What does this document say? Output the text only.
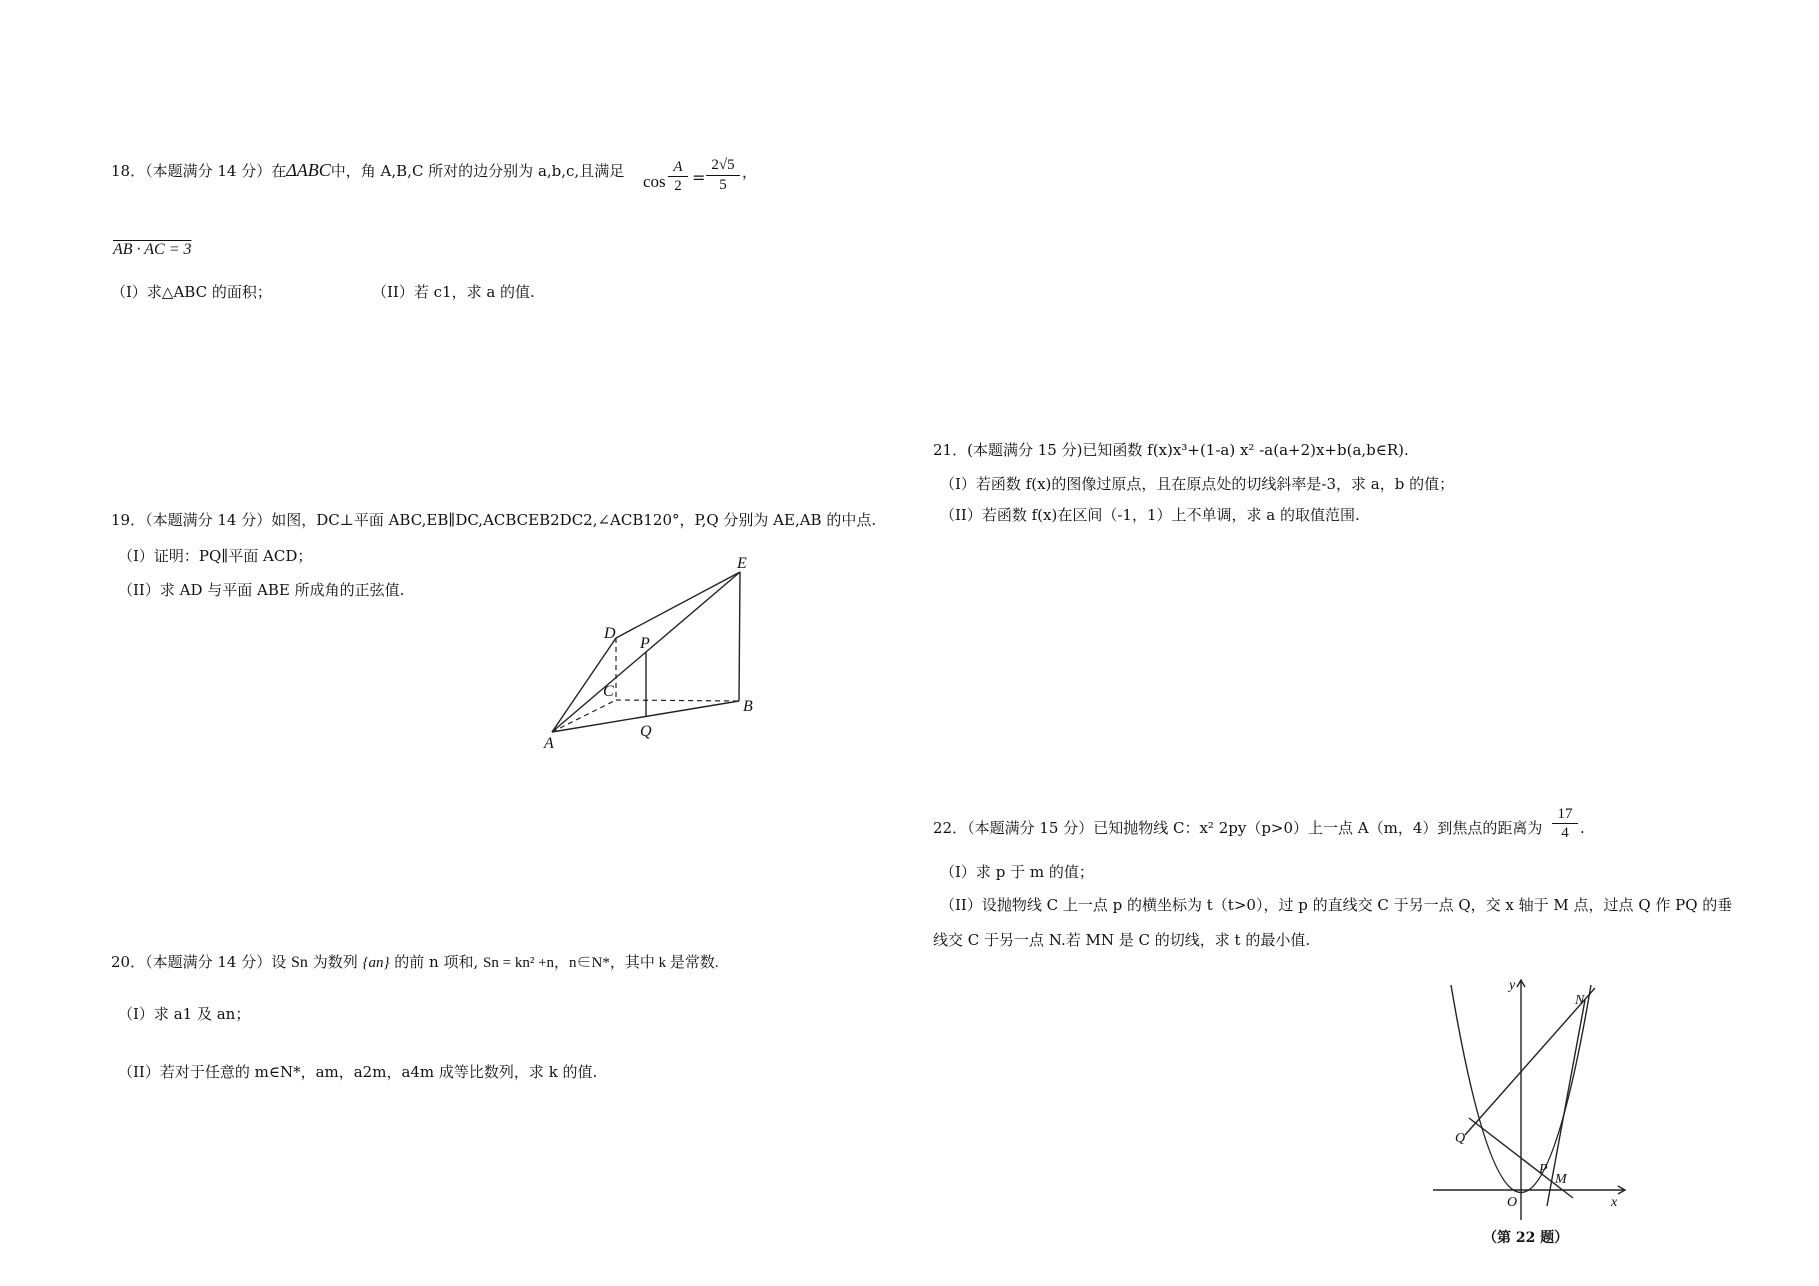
18．（本题满分 14 分）在ΔABC中，角 A,B,C 所对的边分别为 a,b,c,且满足
$\cos \frac{A}{2} = \frac{2√5}{5}$ ，
AB · AC = 3
（I）求△ABC 的面积；	（II）若 c1，求 a 的值.
19．（本题满分 14 分）如图，DC⊥平面 ABC,EB∥DC,ACBCEB2DC2,∠ACB120°，P,Q 分别为 AE,AB 的中点.
（I）证明：PQ∥平面 ACD；
（II）求 AD 与平面 ABE 所成角的正弦值.
E
D
P
C
B
A
Q
20．（本题满分 14 分）设 Sn 为数列 {an} 的前 n 项和, Sn = kn² +n，n∈N*，其中 k 是常数.
（I）求 a1 及 an；
（II）若对于任意的 m∈N*，am，a2m，a4m 成等比数列，求 k 的值.
21．(本题满分 15 分)已知函数 f(x)x³+(1-a) x² -a(a+2)x+b(a,b∈R).
（I）若函数 f(x)的图像过原点，且在原点处的切线斜率是-3，求 a，b 的值；
（II）若函数 f(x)在区间（-1，1）上不单调，求 a 的取值范围.
22．（本题满分 15 分）已知抛物线 C：x² 2py（p>0）上一点 A（m，4）到焦点的距离为 $\frac{17}{4}$ .
（I）求 p 于 m 的值；
（II）设抛物线 C 上一点 p 的横坐标为 t（t>0），过 p 的直线交 C 于另一点 Q，交 x 轴于 M 点，过点 Q 作 PQ 的垂
线交 C 于另一点 N.若 MN 是 C 的切线，求 t 的最小值.
y
N
Q
P
M
O	x
（第 22 题）
